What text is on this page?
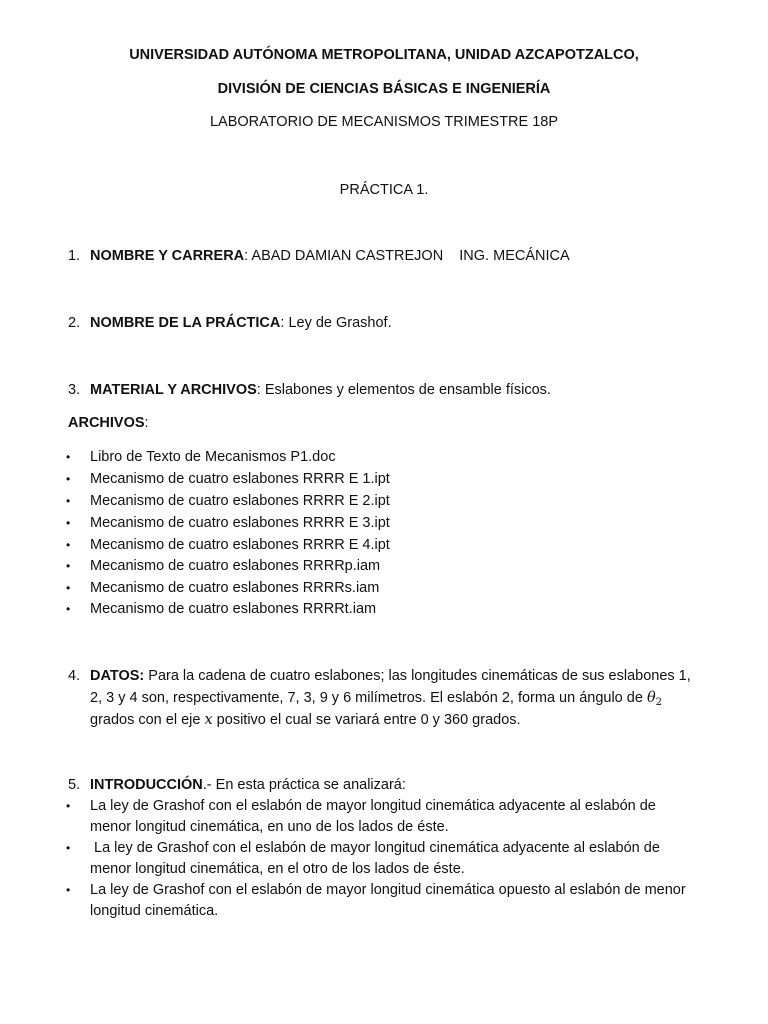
UNIVERSIDAD AUTÓNOMA METROPOLITANA, UNIDAD AZCAPOTZALCO,
DIVISIÓN DE CIENCIAS BÁSICAS E INGENIERÍA
LABORATORIO DE MECANISMOS TRIMESTRE 18P
PRÁCTICA 1.
1. NOMBRE Y CARRERA: ABAD DAMIAN CASTREJON    ING. MECÁNICA
2. NOMBRE DE LA PRÁCTICA: Ley de Grashof.
3. MATERIAL Y ARCHIVOS: Eslabones y elementos de ensamble físicos.
ARCHIVOS:
•	Libro de Texto de Mecanismos P1.doc
•	Mecanismo de cuatro eslabones RRRR E 1.ipt
•	Mecanismo de cuatro eslabones RRRR E 2.ipt
•	Mecanismo de cuatro eslabones RRRR E 3.ipt
•	Mecanismo de cuatro eslabones RRRR E 4.ipt
•	Mecanismo de cuatro eslabones RRRRp.iam
•	Mecanismo de cuatro eslabones RRRRs.iam
•	Mecanismo de cuatro eslabones RRRRt.iam
4. DATOS: Para la cadena de cuatro eslabones; las longitudes cinemáticas de sus eslabones 1,
2, 3 y 4 son, respectivamente, 7, 3, 9 y 6 milímetros. El eslabón 2, forma un ángulo de $\theta_2$
grados con el eje x positivo el cual se variará entre 0 y 360 grados.
5. INTRODUCCIÓN.- En esta práctica se analizará:
•	La ley de Grashof con el eslabón de mayor longitud cinemática adyacente al eslabón de
menor longitud cinemática, en uno de los lados de éste.
•	La ley de Grashof con el eslabón de mayor longitud cinemática adyacente al eslabón de
menor longitud cinemática, en el otro de los lados de éste.
•	La ley de Grashof con el eslabón de mayor longitud cinemática opuesto al eslabón de menor
longitud cinemática.
